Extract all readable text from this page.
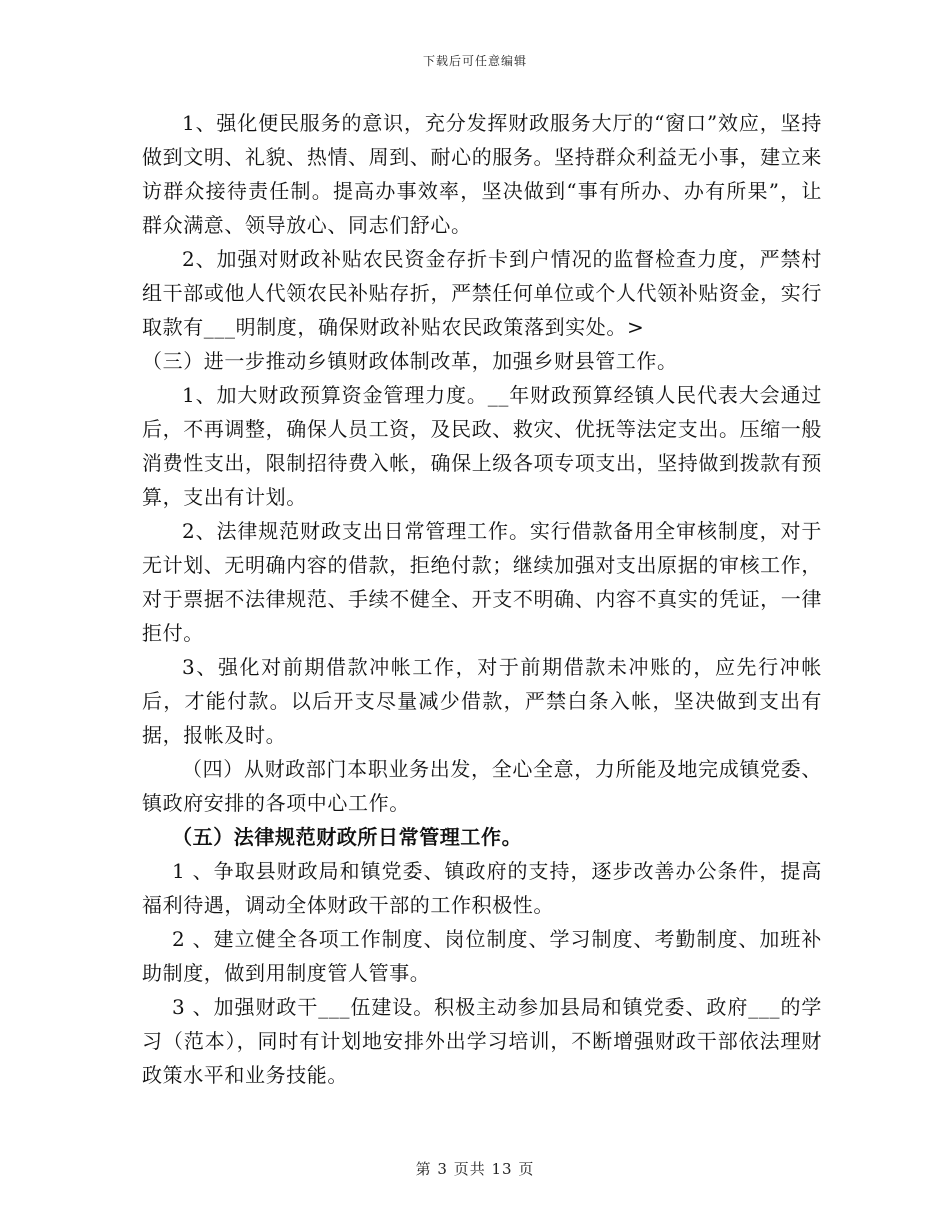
下载后可任意编辑

1、强化便民服务的意识，充分发挥财政服务大厅的“窗口”效应，坚持做到文明、礼貌、热情、周到、耐心的服务。坚持群众利益无小事，建立来访群众接待责任制。提高办事效率，坚决做到“事有所办、办有所果”，让群众满意、领导放心、同志们舒心。

2、加强对财政补贴农民资金存折卡到户情况的监督检查力度，严禁村组干部或他人代领农民补贴存折，严禁任何单位或个人代领补贴资金，实行取款有___明制度，确保财政补贴农民政策落到实处。>

（三）进一步推动乡镇财政体制改革，加强乡财县管工作。

1、加大财政预算资金管理力度。__年财政预算经镇人民代表大会通过后，不再调整，确保人员工资，及民政、救灾、优抚等法定支出。压缩一般消费性支出，限制招待费入帐，确保上级各项专项支出，坚持做到拨款有预算，支出有计划。

2、法律规范财政支出日常管理工作。实行借款备用全审核制度，对于无计划、无明确内容的借款，拒绝付款；继续加强对支出原据的审核工作，对于票据不法律规范、手续不健全、开支不明确、内容不真实的凭证，一律拒付。

3、强化对前期借款冲帐工作，对于前期借款未冲账的，应先行冲帐后，才能付款。以后开支尽量减少借款，严禁白条入帐，坚决做到支出有据，报帐及时。

（四）从财政部门本职业务出发，全心全意，力所能及地完成镇党委、镇政府安排的各项中心工作。

（五）法律规范财政所日常管理工作。

1 、争取县财政局和镇党委、镇政府的支持，逐步改善办公条件，提高福利待遇，调动全体财政干部的工作积极性。

2 、建立健全各项工作制度、岗位制度、学习制度、考勤制度、加班补助制度，做到用制度管人管事。

3 、加强财政干___伍建设。积极主动参加县局和镇党委、政府___的学习（范本），同时有计划地安排外出学习培训，不断增强财政干部依法理财政策水平和业务技能。

第 3 页共 13 页
